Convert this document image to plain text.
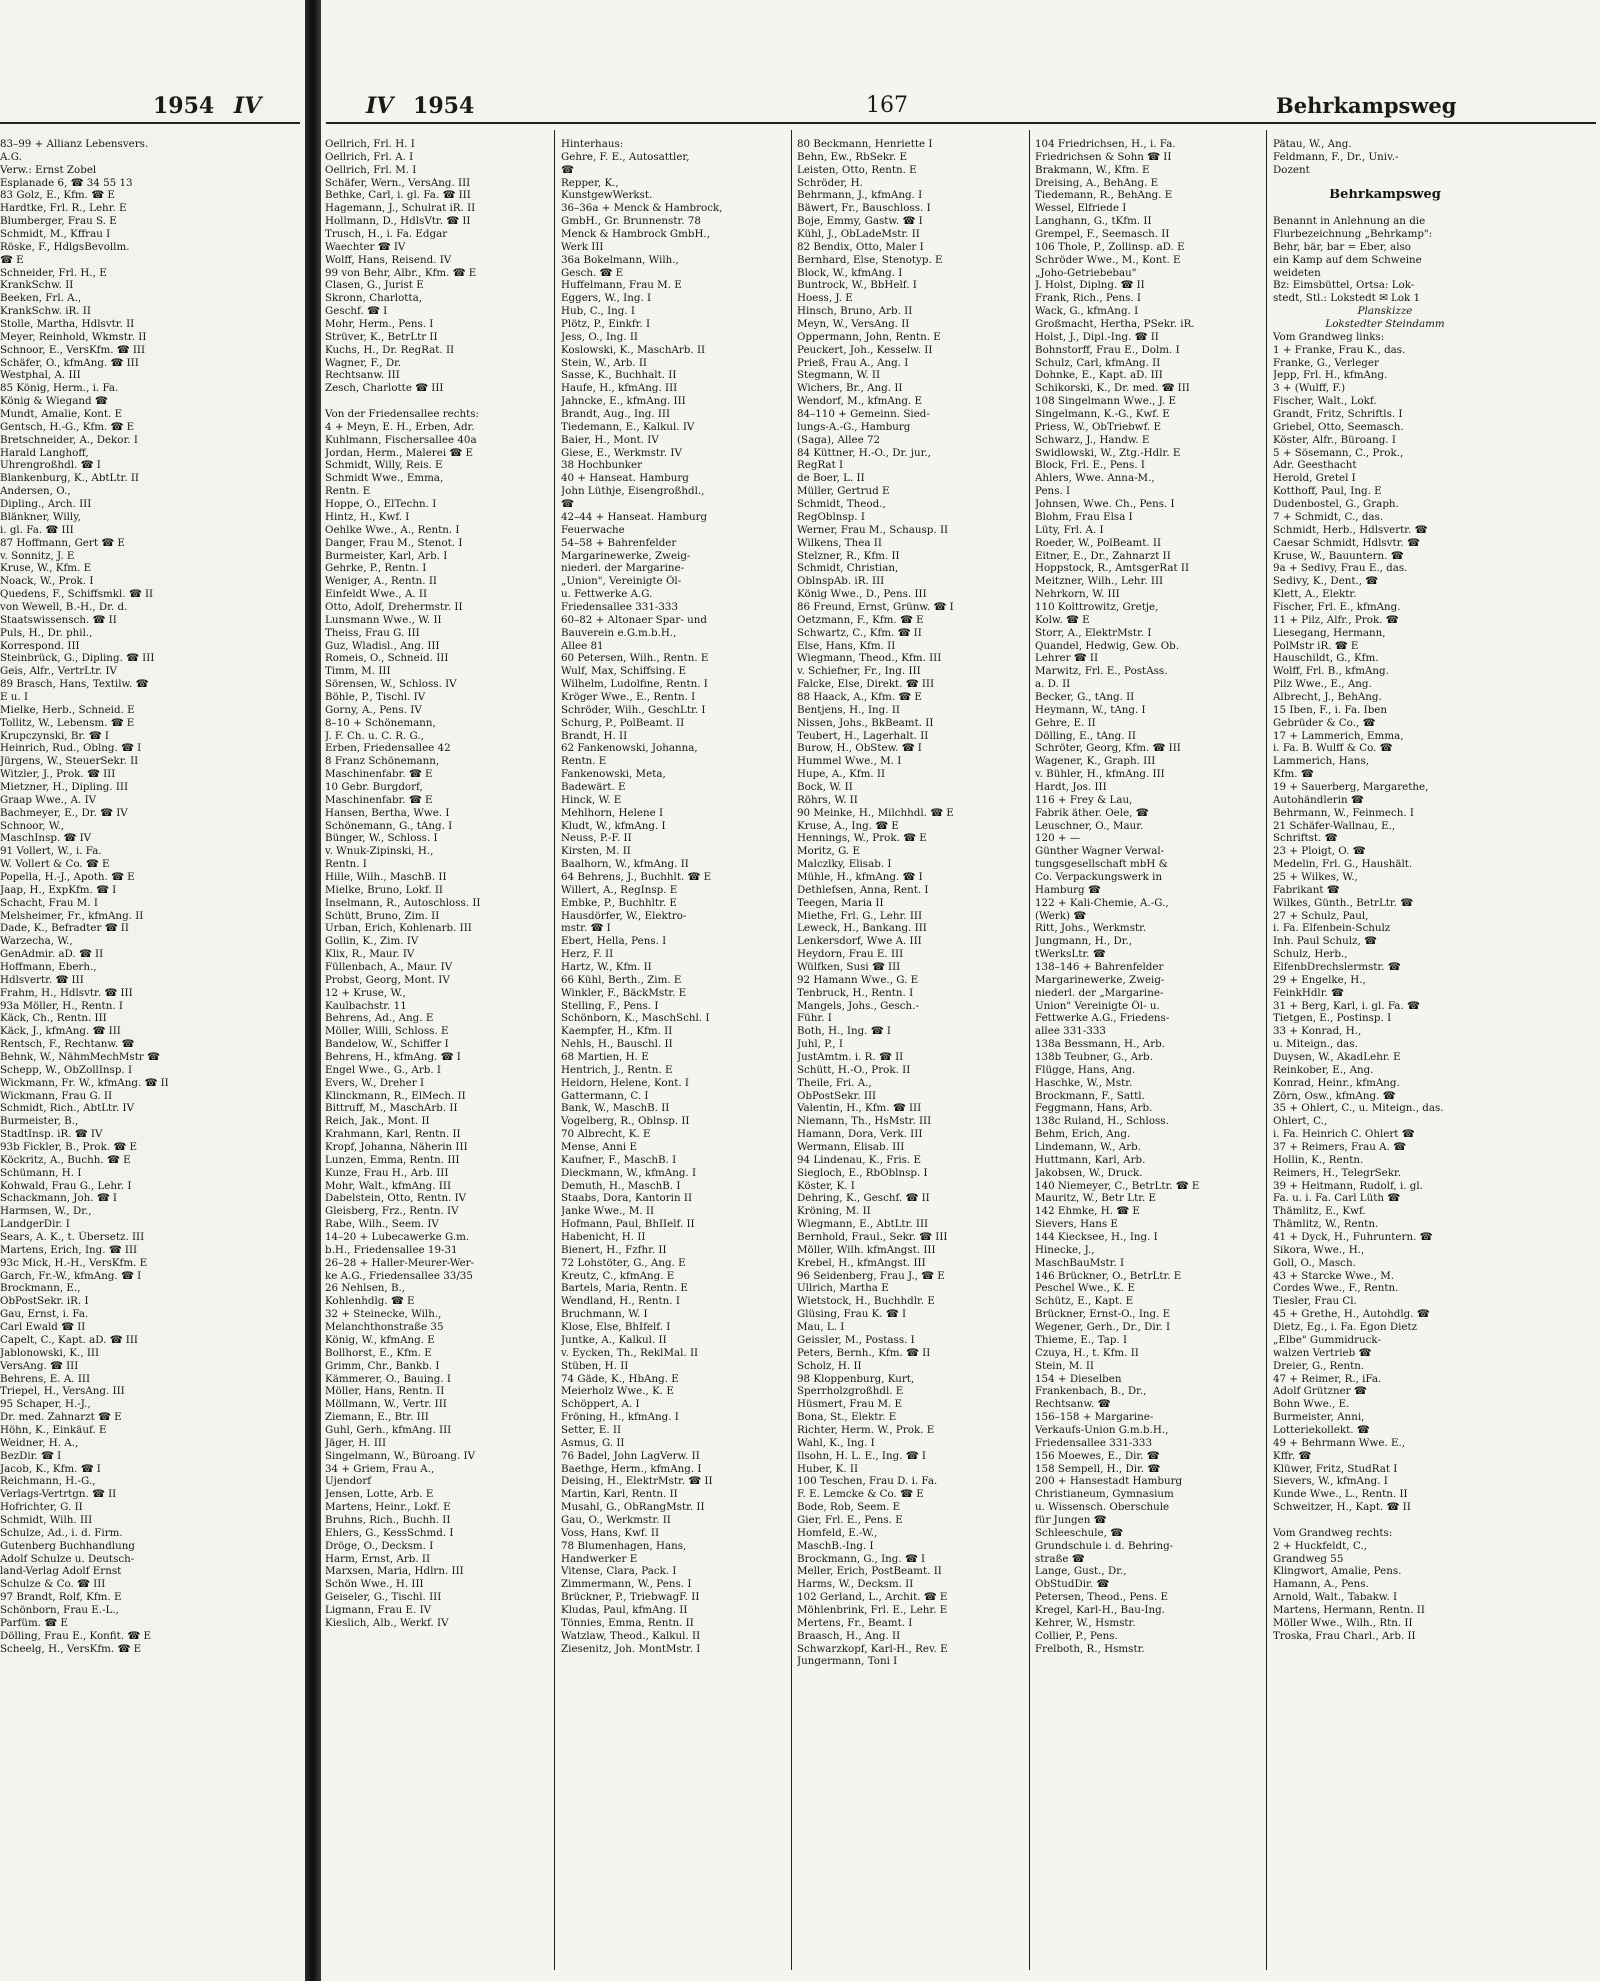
1954 IV
83–99 + Allianz Lebensvers.
A.G.
Verw.: Ernst Zobel
Esplanade 6, ☎ 34 55 13
83 Golz, E., Kfm. ☎ E
Hardtke, Frl. R., Lehr. E
Blumberger, Frau S. E
Schmidt, M., Kffrau I
Röske, F., HdlgsBevollm.
☎ E
Schneider, Frl. H., E
KrankSchw. II
Beeken, Frl. A.,
KrankSchw. iR. II
Stolle, Martha, Hdlsvtr. II
Meyer, Reinhold, Wkmstr. II
Schnoor, E., VersKfm. ☎ III
Schäfer, O., kfmAng. ☎ III
Westphal, A. III
85 König, Herm., i. Fa.
König & Wiegand ☎
Mundt, Amalie, Kont. E
Gentsch, H.-G., Kfm. ☎ E
Bretschneider, A., Dekor. I
Harald Langhoff,
Uhrengroßhdl. ☎ I
Blankenburg, K., AbtLtr. II
Andersen, O.,
Dipling., Arch. III
Blänkner, Willy,
i. gl. Fa. ☎ III
87 Hoffmann, Gert ☎ E
v. Sonnitz, J. E
Kruse, W., Kfm. E
Noack, W., Prok. I
Quedens, F., Schiffsmkl. ☎ II
von Wewell, B.-H., Dr. d.
Staatswissensch. ☎ II
Puls, H., Dr. phil.,
Korrespond. III
Steinbrück, G., Dipling. ☎ III
Geis, Alfr., VertrLtr. IV
89 Brasch, Hans, Textilw. ☎
E u. I
Mielke, Herb., Schneid. E
Tollitz, W., Lebensm. ☎ E
Krupczynski, Br. ☎ I
Heinrich, Rud., Oblng. ☎ I
Jürgens, W., SteuerSekr. II
Witzler, J., Prok. ☎ III
Mietzner, H., Dipling. III
Graap Wwe., A. IV
Bachmeyer, E., Dr. ☎ IV
Schnoor, W.,
MaschInsp. ☎ IV
91 Vollert, W., i. Fa.
W. Vollert & Co. ☎ E
Popella, H.-J., Apoth. ☎ E
Jaap, H., ExpKfm. ☎ I
Schacht, Frau M. I
Melsheimer, Fr., kfmAng. II
Dade, K., Befradter ☎ II
Warzecha, W.,
GenAdmir. aD. ☎ II
Hoffmann, Eberh.,
Hdlsvertr. ☎ III
Frahm, H., Hdlsvtr. ☎ III
93a Möller, H., Rentn. I
Käck, Ch., Rentn. III
Käck, J., kfmAng. ☎ III
Rentsch, F., Rechtanw. ☎
Behnk, W., NähmMechMstr ☎
Schepp, W., ObZollInsp. I
Wickmann, Fr. W., kfmAng. ☎ II
Wickmann, Frau G. II
Schmidt, Rich., AbtLtr. IV
Burmeister, B.,
StadtInsp. iR. ☎ IV
93b Fickler, B., Prok. ☎ E
Köckritz, A., Buchh. ☎ E
Schümann, H. I
Kohwald, Frau G., Lehr. I
Schackmann, Joh. ☎ I
Harmsen, W., Dr.,
LandgerDir. I
Sears, A. K., t. Übersetz. III
Martens, Erich, Ing. ☎ III
93c Mick, H.-H., VersKfm. E
Garch, Fr.-W., kfmAng. ☎ I
Brockmann, E.,
ObPostSekr. iR. I
Gau, Ernst, i. Fa.
Carl Ewald ☎ II
Capelt, C., Kapt. aD. ☎ III
Jablonowski, K., III
VersAng. ☎ III
Behrens, E. A. III
Triepel, H., VersAng. III
95 Schaper, H.-J.,
Dr. med. Zahnarzt ☎ E
Höhn, K., Einkäuf. E
Weidner, H. A.,
BezDir. ☎ I
Jacob, K., Kfm. ☎ I
Reichmann, H.-G.,
Verlags-Vertrtgn. ☎ II
Hofrichter, G. II
Schmidt, Wilh. III
Schulze, Ad., i. d. Firm.
Gutenberg Buchhandlung
Adolf Schulze u. Deutsch-
land-Verlag Adolf Ernst
Schulze & Co. ☎ III
97 Brandt, Rolf, Kfm. E
Schönborn, Frau E.-L.,
Parfüm. ☎ E
Dölling, Frau E., Konfit. ☎ E
Scheelg, H., VersKfm. ☎ E
IV 1954	167	Behrkampsweg
Oellrich, Frl. H. I
Oellrich, Frl. A. I
Oellrich, Frl. M. I
Schäfer, Wern., VersAng. III
Bethke, Carl, i. gl. Fa. ☎ III
Hagemann, J., Schulrat iR. II
Hollmann, D., HdlsVtr. ☎ II
Trusch, H., i. Fa. Edgar
Waechter ☎ IV
Wolff, Hans, Reisend. IV
99 von Behr, Albr., Kfm. ☎ E
Clasen, G., Jurist E
Skronn, Charlotta,
Geschf. ☎ I
Mohr, Herm., Pens. I
Strüver, K., BetrLtr II
Kuchs, H., Dr. RegRat. II
Wagner, F., Dr.
Rechtsanw. III
Zesch, Charlotte ☎ III
Von der Friedensallee rechts:
4 + Meyn, E. H., Erben, Adr.
Kuhlmann, Fischersallee 40a
Jordan, Herm., Malerei ☎ E
Schmidt, Willy, Reis. E
Schmidt Wwe., Emma,
Rentn. E
Hoppe, O., ElTechn. I
Hintz, H., Kwf. I
Oehlke Wwe., A., Rentn. I
Danger, Frau M., Stenot. I
Burmeister, Karl, Arb. I
Gehrke, P., Rentn. I
Weniger, A., Rentn. II
Einfeldt Wwe., A. II
Otto, Adolf, Drehermstr. II
Lunsmann Wwe., W. II
Theiss, Frau G. III
Guz, Wladisl., Ang. III
Romeis, O., Schneid. III
Timm, M. III
Sörensen, W., Schloss. IV
Böhle, P., Tischl. IV
Gorny, A., Pens. IV
8–10 + Schönemann,
J. F. Ch. u. C. R. G.,
Erben, Friedensallee 42
8 Franz Schönemann,
Maschinenfabr. ☎ E
10 Gebr. Burgdorf,
Maschinenfabr. ☎ E
Hansen, Bertha, Wwe. I
Schönemann, G., tAng. I
Bünger, W., Schloss. I
v. Wnuk-Zipinski, H.,
Rentn. I
Hille, Wilh., MaschB. II
Mielke, Bruno, Lokf. II
Inselmann, R., Autoschloss. II
Schütt, Bruno, Zim. II
Urban, Erich, Kohlenarb. III
Gollin, K., Zim. IV
Klix, R., Maur. IV
Füllenbach, A., Maur. IV
Probst, Georg, Mont. IV
12 + Kruse, W.,
Kaulbachstr. 11
Behrens, Ad., Ang. E
Möller, Willi, Schloss. E
Bandelow, W., Schiffer I
Behrens, H., kfmAng. ☎ I
Engel Wwe., G., Arb. I
Evers, W., Dreher I
Klinckmann, R., ElMech. II
Bittruff, M., MaschArb. II
Reich, Jak., Mont. II
Krahmann, Karl, Rentn. II
Kropf, Johanna, Näherin III
Lunzen, Emma, Rentn. III
Kunze, Frau H., Arb. III
Mohr, Walt., kfmAng. III
Dabelstein, Otto, Rentn. IV
Gleisberg, Frz., Rentn. IV
Rabe, Wilh., Seem. IV
14–20 + Lubecawerke G.m.
b.H., Friedensallee 19-31
26–28 + Haller-Meurer-Wer-
ke A.G., Friedensallee 33/35
26 Nehlsen, B.,
Kohlenhdlg. ☎ E
32 + Steinecke, Wilh.,
Melanchthonstraße 35
König, W., kfmAng. E
Bollhorst, E., Kfm. E
Grimm, Chr., Bankb. I
Kämmerer, O., Bauing. I
Möller, Hans, Rentn. II
Möllmann, W., Vertr. III
Ziemann, E., Btr. III
Guhl, Gerh., kfmAng. III
Jäger, H. III
Singelmann, W., Büroang. IV
34 + Griem, Frau A.,
Ujendorf
Jensen, Lotte, Arb. E
Martens, Heinr., Lokf. E
Bruhns, Rich., Buchh. II
Ehlers, G., KessSchmd. I
Dröge, O., Decksm. I
Harm, Ernst, Arb. II
Marxsen, Maria, Hdlrn. III
Schön Wwe., H. III
Geiseler, G., Tischl. III
Ligmann, Frau E. IV
Kieslich, Alb., Werkf. IV
Hinterhaus:
Gehre, F. E., Autosattler,
☎
Repper, K.,
KunstgewWerkst.
36–36a + Menck & Hambrock,
GmbH., Gr. Brunnenstr. 78
Menck & Hambrock GmbH.,
Werk III
36a Bokelmann, Wilh.,
Gesch. ☎ E
Huffelmann, Frau M. E
Eggers, W., Ing. I
Hub, C., Ing. I
Plötz, P., Einkfr. I
Jess, O., Ing. II
Koslowski, K., MaschArb. II
Stein, W., Arb. II
Sasse, K., Buchhalt. II
Haufe, H., kfmAng. III
Jahncke, E., kfmAng. III
Brandt, Aug., Ing. III
Tiedemann, E., Kalkul. IV
Baier, H., Mont. IV
Giese, E., Werkmstr. IV
38 Hochbunker
40 + Hanseat. Hamburg
John Lüthje, Eisengroßhdl.,
☎
42–44 + Hanseat. Hamburg
Feuerwache
54–58 + Bahrenfelder
Margarinewerke, Zweig-
niederl. der Margarine-
„Union", Vereinigte Öl-
u. Fettwerke A.G.
Friedensallee 331-333
60–82 + Altonaer Spar- und
Bauverein e.G.m.b.H.,
Allee 81
60 Petersen, Wilh., Rentn. E
Wulf, Max, Schiffsing. E
Wilhelm, Ludolfine, Rentn. I
Kröger Wwe., E., Rentn. I
Schröder, Wilh., GeschLtr. I
Schurg, P., PolBeamt. II
Brandt, H. II
62 Fankenowski, Johanna,
Rentn. E
Fankenowski, Meta,
Badewärt. E
Hinck, W. E
Mehlhorn, Helene I
Kludt, W., kfmAng. I
Neuss, P.-F. II
Kirsten, M. II
Baalhorn, W., kfmAng. II
64 Behrens, J., Buchhlt. ☎ E
Willert, A., RegInsp. E
Embke, P., Buchhltr. E
Hausdörfer, W., Elektro-
mstr. ☎ I
Ebert, Hella, Pens. I
Herz, F. II
Hartz, W., Kfm. II
66 Kühl, Berth., Zim. E
Winkler, F., BäckMstr. E
Stelling, F., Pens. I
Schönborn, K., MaschSchl. I
Kaempfer, H., Kfm. II
Nehls, H., Bauschl. II
68 Martien, H. E
Hentrich, J., Rentn. E
Heidorn, Helene, Kont. I
Gattermann, C. I
Bank, W., MaschB. II
Vogelberg, R., Oblnsp. II
70 Albrecht, K. E
Mense, Anni E
Kaufner, F., MaschB. I
Dieckmann, W., kfmAng. I
Demuth, H., MaschB. I
Staabs, Dora, Kantorin II
Janke Wwe., M. II
Hofmann, Paul, BhIIelf. II
Habenicht, H. II
Bienert, H., Fzfhr. II
72 Lohstöter, G., Ang. E
Kreutz, C., kfmAng. E
Bartels, Maria, Rentn. E
Wendland, H., Rentn. I
Bruchmann, W. I
Klose, Else, BhIfelf. I
Juntke, A., Kalkul. II
v. Eycken, Th., ReklMal. II
Stüben, H. II
74 Gäde, K., HbAng. E
Meierholz Wwe., K. E
Schöppert, A. I
Fröning, H., kfmAng. I
Setter, E. II
Asmus, G. II
76 Badel, John LagVerw. II
Baethge, Herm., kfmAng. I
Deising, H., ElektrMstr. ☎ II
Martin, Karl, Rentn. II
Musahl, G., ObRangMstr. II
Gau, O., Werkmstr. II
Voss, Hans, Kwf. II
78 Blumenhagen, Hans,
Handwerker E
Vitense, Clara, Pack. I
Zimmermann, W., Pens. I
Brückner, P., TriebwagF. II
Kludas, Paul, kfmAng. II
Tönnies, Emma, Rentn. II
Watzlaw, Theod., Kalkul. II
Ziesenitz, Joh. MontMstr. I
80 Beckmann, Henriette I
Behn, Ew., RbSekr. E
Leisten, Otto, Rentn. E
Schröder, H.
Behrmann, J., kfmAng. I
Bäwert, Fr., Bauschloss. I
Boje, Emmy, Gastw. ☎ I
Kühl, J., ObLadeMstr. II
82 Bendix, Otto, Maler I
Bernhard, Else, Stenotyp. E
Block, W., kfmAng. I
Buntrock, W., BbHelf. I
Hoess, J. E
Hinsch, Bruno, Arb. II
Meyn, W., VersAng. II
Oppermann, John, Rentn. E
Peuckert, Joh., Kesselw. II
Prieß, Frau A., Ang. I
Stegmann, W. II
Wichers, Br., Ang. II
Wendorf, M., kfmAng. E
84–110 + Gemeinn. Sied-
lungs-A.-G., Hamburg
(Saga), Allee 72
84 Küttner, H.-O., Dr. jur.,
RegRat I
de Boer, L. II
Müller, Gertrud E
Schmidt, Theod.,
RegOblnsp. I
Werner, Frau M., Schausp. II
Wilkens, Thea II
Stelzner, R., Kfm. II
Schmidt, Christian,
OblnspAb. iR. III
König Wwe., D., Pens. III
86 Freund, Ernst, Grünw. ☎ I
Oetzmann, F., Kfm. ☎ E
Schwartz, C., Kfm. ☎ II
Else, Hans, Kfm. II
Wiegmann, Theod., Kfm. III
v. Schiefner, Fr., Ing. III
Falcke, Else, Direkt. ☎ III
88 Haack, A., Kfm. ☎ E
Bentjens, H., Ing. II
Nissen, Johs., BkBeamt. II
Teubert, H., Lagerhalt. II
Burow, H., ObStew. ☎ I
Hummel Wwe., M. I
Hupe, A., Kfm. II
Bock, W. II
Röhrs, W. II
90 Meinke, H., Milchhdl. ☎ E
Kruse, A., Ing. ☎ E
Hennings, W., Prok. ☎ E
Moritz, G. E
Malczlky, Elisab. I
Mühle, H., kfmAng. ☎ I
Dethlefsen, Anna, Rent. I
Teegen, Maria II
Miethe, Frl. G., Lehr. III
Leweck, H., Bankang. III
Lenkersdorf, Wwe A. III
Heydorn, Frau E. III
Wülfken, Susi ☎ III
92 Hamann Wwe., G. E
Tenbruck, H., Rentn. I
Mangels, Johs., Gesch.-
Führ. I
Both, H., Ing. ☎ I
Juhl, P., I
JustAmtm. i. R. ☎ II
Schütt, H.-O., Prok. II
Theile, Fri. A.,
ObPostSekr. III
Valentin, H., Kfm. ☎ III
Niemann, Th., HsMstr. III
Hamann, Dora, Verk. III
Wermann, Elisab. III
94 Lindenau, K., Fris. E
Siegloch, E., RbOblnsp. I
Köster, K. I
Dehring, K., Geschf. ☎ II
Kröning, M. II
Wiegmann, E., AbtLtr. III
Bernhold, Fraul., Sekr. ☎ III
Möller, Wilh. kfmAngst. III
Krebel, H., kfmAngst. III
96 Seidenberg, Frau J., ☎ E
Ullrich, Martha E
Wietstock, H., Buchhdlr. E
Glüsing, Frau K. ☎ I
Mau, L. I
Geissler, M., Postass. I
Peters, Bernh., Kfm. ☎ II
Scholz, H. II
98 Kloppenburg, Kurt,
Sperrholzgroßhdl. E
Hüsmert, Frau M. E
Bona, St., Elektr. E
Richter, Herm. W., Prok. E
Wahl, K., Ing. I
Ilsohn, H. L. E., Ing. ☎ I
Huber, K. II
100 Teschen, Frau D. i. Fa.
F. E. Lemcke & Co. ☎ E
Bode, Rob, Seem. E
Gier, Frl. E., Pens. E
Homfeld, E.-W.,
MaschB.-Ing. I
Brockmann, G., Ing. ☎ I
Meller, Erich, PostBeamt. II
Harms, W., Decksm. II
102 Gerland, L., Archit. ☎ E
Möhlenbrink, Frl. E., Lehr. E
Mertens, Fr., Beamt. I
Braasch, H., Ang. II
Schwarzkopf, Karl-H., Rev. E
Jungermann, Toni I
104 Friedrichsen, H., i. Fa.
Friedrichsen & Sohn ☎ II
Brakmann, W., Kfm. E
Dreising, A., BehAng. E
Tiedemann, R., BehAng. E
Wessel, Elfriede I
Langhann, G., tKfm. II
Grempel, F., Seemasch. II
106 Thole, P., Zollinsp. aD. E
Schröder Wwe., M., Kont. E
„Joho-Getriebebau"
J. Holst, Diplng. ☎ II
Frank, Rich., Pens. I
Wack, G., kfmAng. I
Großmacht, Hertha, PSekr. iR.
Holst, J., Dipl.-Ing. ☎ II
Bohnstorff, Frau E., Dolm. I
Schulz, Carl, kfmAng. II
Dohnke, E., Kapt. aD. III
Schikorski, K., Dr. med. ☎ III
108 Singelmann Wwe., J. E
Singelmann, K.-G., Kwf. E
Priess, W., ObTriebwf. E
Schwarz, J., Handw. E
Swidlowski, W., Ztg.-Hdlr. E
Block, Frl. E., Pens. I
Ahlers, Wwe. Anna-M.,
Pens. I
Johnsen, Wwe. Ch., Pens. I
Blohm, Frau Elsa I
Lüty, Frl. A. I
Roeder, W., PolBeamt. II
Eitner, E., Dr., Zahnarzt II
Hoppstock, R., AmtsgerRat II
Meitzner, Wilh., Lehr. III
Nehrkorn, W. III
110 Kolttrowitz, Gretje,
Kolw. ☎ E
Storr, A., ElektrMstr. I
Quandel, Hedwig, Gew. Ob.
Lehrer ☎ II
Marwitz, Frl. E., PostAss.
a. D. II
Becker, G., tAng. II
Heymann, W., tAng. I
Gehre, E. II
Dölling, E., tAng. II
Schröter, Georg, Kfm. ☎ III
Wagener, K., Graph. III
v. Bühler, H., kfmAng. III
Hardt, Jos. III
116 + Frey & Lau,
Fabrik äther. Oele, ☎
Leuschner, O., Maur.
120 + —
Günther Wagner Verwal-
tungsgesellschaft mbH &
Co. Verpackungswerk in
Hamburg ☎
122 + Kali-Chemie, A.-G.,
(Werk) ☎
Ritt, Johs., Werkmstr.
Jungmann, H., Dr.,
tWerksLtr. ☎
138–146 + Bahrenfelder
Margarinewerke, Zweig-
niederl. der „Margarine-
Union" Vereinigte Öl- u.
Fettwerke A.G., Friedens-
allee 331-333
138a Bessmann, H., Arb.
138b Teubner, G., Arb.
Flügge, Hans, Ang.
Haschke, W., Mstr.
Brockmann, F., Sattl.
Feggmann, Hans, Arb.
138c Ruland, H., Schloss.
Behm, Erich, Ang.
Lindemann, W., Arb.
Huttmann, Karl, Arb.
Jakobsen, W., Druck.
140 Niemeyer, C., BetrLtr. ☎ E
Mauritz, W., Betr Ltr. E
142 Ehmke, H. ☎ E
Sievers, Hans E
144 Kiecksee, H., Ing. I
Hinecke, J.,
MaschBauMstr. I
146 Brückner, O., BetrLtr. E
Peschel Wwe., K. E
Schütz, E., Kapt. E
Brückner, Ernst-O., Ing. E
Wegener, Gerh., Dr., Dir. I
Thieme, E., Tap. I
Czuya, H., t. Kfm. II
Stein, M. II
154 + Dieselben
Frankenbach, B., Dr.,
Rechtsanw. ☎
156–158 + Margarine-
Verkaufs-Union G.m.b.H.,
Friedensallee 331-333
156 Moewes, E., Dir. ☎
158 Sempell, H., Dir. ☎
200 + Hansestadt Hamburg
Christianeum, Gymnasium
u. Wissensch. Oberschule
für Jungen ☎
Schleeschule, ☎
Grundschule i. d. Behring-
straße ☎
Lange, Gust., Dr.,
ObStudDir. ☎
Petersen, Theod., Pens. E
Kregel, Karl-H., Bau-Ing.
Kehrer, W., Hsmstr.
Collier, P., Pens.
Frelboth, R., Hsmstr.
Pätau, W., Ang.
Feldmann, F., Dr., Univ.-
Dozent
Behrkampsweg
Benannt in Anlehnung an die
Flurbezeichnung „Behrkamp":
Behr, bär, bar = Eber, also
ein Kamp auf dem Schweine
weideten
Bz: Eimsbüttel, Ortsa: Lok-
stedt, Stl.: Lokstedt ✉ Lok 1
Planskizze
Lokstedter Steindamm
Vom Grandweg links:
1 + Franke, Frau K., das.
Franke, G., Verleger
Jepp, Frl. H., kfmAng.
3 + (Wulff, F.)
Fischer, Walt., Lokf.
Grandt, Fritz, Schriftls. I
Griebel, Otto, Seemasch.
Köster, Alfr., Büroang. I
5 + Sösemann, C., Prok.,
Adr. Geesthacht
Herold, Gretel I
Kotthoff, Paul, Ing. E
Dudenbostel, G., Graph.
7 + Schmidt, C., das.
Schmidt, Herb., Hdlsvertr. ☎
Caesar Schmidt, Hdlsvtr. ☎
Kruse, W., Bauuntern. ☎
9a + Sedivy, Frau E., das.
Sedivy, K., Dent., ☎
Klett, A., Elektr.
Fischer, Frl. E., kfmAng.
11 + Pilz, Alfr., Prok. ☎
Liesegang, Hermann,
PolMstr iR. ☎ E
Hauschildt, G., Kfm.
Wolff, Frl. B., kfmAng.
Pilz Wwe., E., Ang.
Albrecht, J., BehAng.
15 Iben, F., i. Fa. Iben
Gebrüder & Co., ☎
17 + Lammerich, Emma,
i. Fa. B. Wulff & Co. ☎
Lammerich, Hans,
Kfm. ☎
19 + Sauerberg, Margarethe,
Autohändlerin ☎
Behrmann, W., Feinmech. I
21 Schäfer-Wallnau, E.,
Schriftst. ☎
23 + Ploigt, O. ☎
Medelin, Frl. G., Haushält.
25 + Wilkes, W.,
Fabrikant ☎
Wilkes, Günth., BetrLtr. ☎
27 + Schulz, Paul,
i. Fa. Elfenbein-Schulz
Inh. Paul Schulz, ☎
Schulz, Herb.,
ElfenbDrechslermstr. ☎
29 + Engelke, H.,
FeinkHdlr. ☎
31 + Berg, Karl, i. gl. Fa. ☎
Tietgen, E., Postinsp. I
33 + Konrad, H.,
u. Miteign., das.
Duysen, W., AkadLehr. E
Reinkober, E., Ang.
Konrad, Heinr., kfmAng.
Zörn, Osw., kfmAng. ☎
35 + Ohlert, C., u. Miteign., das.
Ohlert, C.,
i. Fa. Heinrich C. Ohlert ☎
37 + Reimers, Frau A. ☎
Hollin, K., Rentn.
Reimers, H., TelegrSekr.
39 + Heitmann, Rudolf, i. gl.
Fa. u. i. Fa. Carl Lüth ☎
Thämlitz, E., Kwf.
Thämlitz, W., Rentn.
41 + Dyck, H., Fuhruntern. ☎
Sikora, Wwe., H.,
Goll, O., Masch.
43 + Starcke Wwe., M.
Cordes Wwe., F., Rentn.
Tiesler, Frau Cl.
45 + Grethe, H., Autohdlg. ☎
Dietz, Eg., i. Fa. Egon Dietz
„Elbe" Gummidruck-
walzen Vertrieb ☎
Dreier, G., Rentn.
47 + Reimer, R., iFa.
Adolf Grützner ☎
Bohn Wwe., E.
Burmeister, Anni,
Lotteriekollekt. ☎
49 + Behrmann Wwe. E.,
Kffr. ☎
Klüwer, Fritz, StudRat I
Sievers, W., kfmAng. I
Kunde Wwe., L., Rentn. II
Schweitzer, H., Kapt. ☎ II
Vom Grandweg rechts:
2 + Huckfeldt, C.,
Grandweg 55
Klingwort, Amalie, Pens.
Hamann, A., Pens.
Arnold, Walt., Tabakw. I
Martens, Hermann, Rentn. II
Möller Wwe., Wilh., Rtn. II
Troska, Frau Charl., Arb. II
